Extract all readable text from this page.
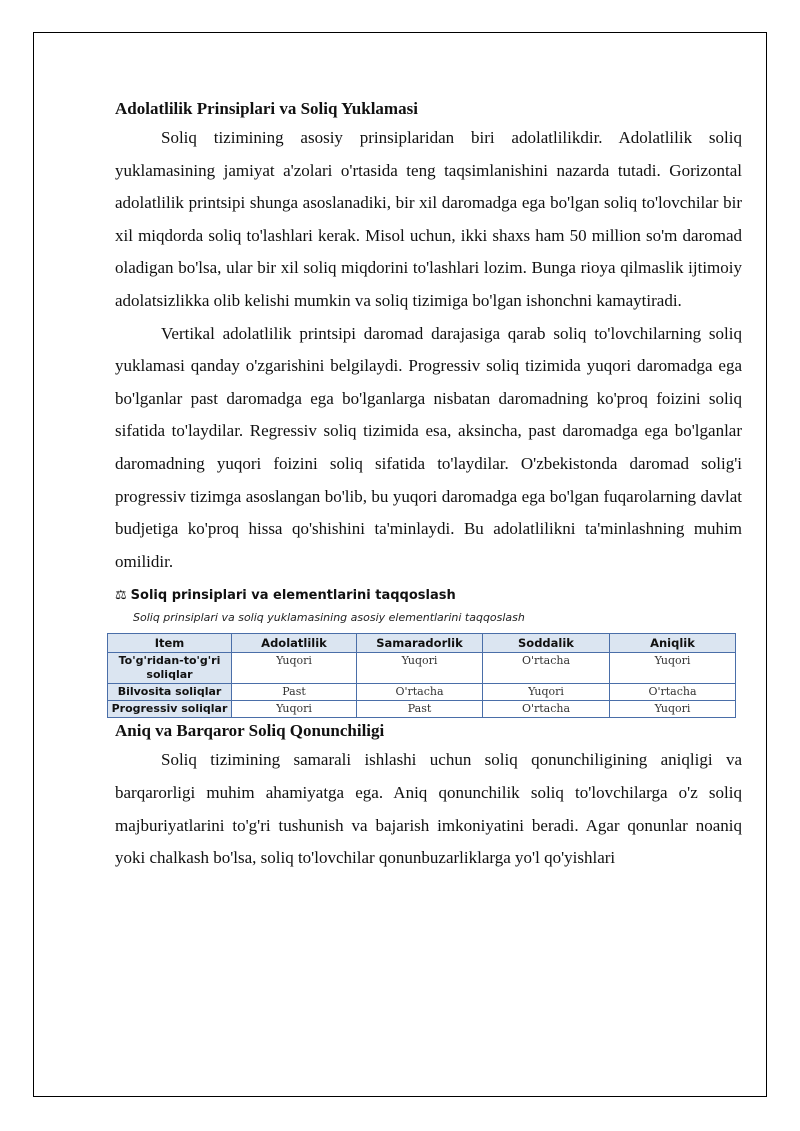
Adolatlilik Prinsiplari va Soliq Yuklamasi

Soliq tizimining asosiy prinsiplaridan biri adolatlilikdir. Adolatlilik soliq yuklamasining jamiyat a'zolari o'rtasida teng taqsimlanishini nazarda tutadi. Gorizontal adolatlilik printsipi shunga asoslanadiki, bir xil daromadga ega bo'lgan soliq to'lovchilar bir xil miqdorda soliq to'lashlari kerak. Misol uchun, ikki shaxs ham 50 million so'm daromad oladigan bo'lsa, ular bir xil soliq miqdorini to'lashlari lozim. Bunga rioya qilmaslik ijtimoiy adolatsizlikka olib kelishi mumkin va soliq tizimiga bo'lgan ishonchni kamaytiradi.

Vertikal adolatlilik printsipi daromad darajasiga qarab soliq to'lovchilarning soliq yuklamasi qanday o'zgarishini belgilaydi. Progressiv soliq tizimida yuqori daromadga ega bo'lganlar past daromadga ega bo'lganlarga nisbatan daromadning ko'proq foizini soliq sifatida to'laydilar. Regressiv soliq tizimida esa, aksincha, past daromadga ega bo'lganlar daromadning yuqori foizini soliq sifatida to'laydilar. O'zbekistonda daromad solig'i progressiv tizimga asoslangan bo'lib, bu yuqori daromadga ega bo'lgan fuqarolarning davlat budjetiga ko'proq hissa qo'shishini ta'minlaydi. Bu adolatlilikni ta'minlashning muhim omilidir.

⚖ Soliq prinsiplari va elementlarini taqqoslash
Soliq prinsiplari va soliq yuklamasining asosiy elementlarini taqqoslash
Item	Adolatlilik	Samaradorlik	Soddalik	Aniqlik
To'g'ridan-to'g'ri soliqlar	Yuqori	Yuqori	O'rtacha	Yuqori
Bilvosita soliqlar	Past	O'rtacha	Yuqori	O'rtacha
Progressiv soliqlar	Yuqori	Past	O'rtacha	Yuqori
Aniq va Barqaror Soliq Qonunchiligi

Soliq tizimining samarali ishlashi uchun soliq qonunchiligining aniqligi va barqarorligi muhim ahamiyatga ega. Aniq qonunchilik soliq to'lovchilarga o'z soliq majburiyatlarini to'g'ri tushunish va bajarish imkoniyatini beradi. Agar qonunlar noaniq yoki chalkash bo'lsa, soliq to'lovchilar qonunbuzarliklarga yo'l qo'yishlari
